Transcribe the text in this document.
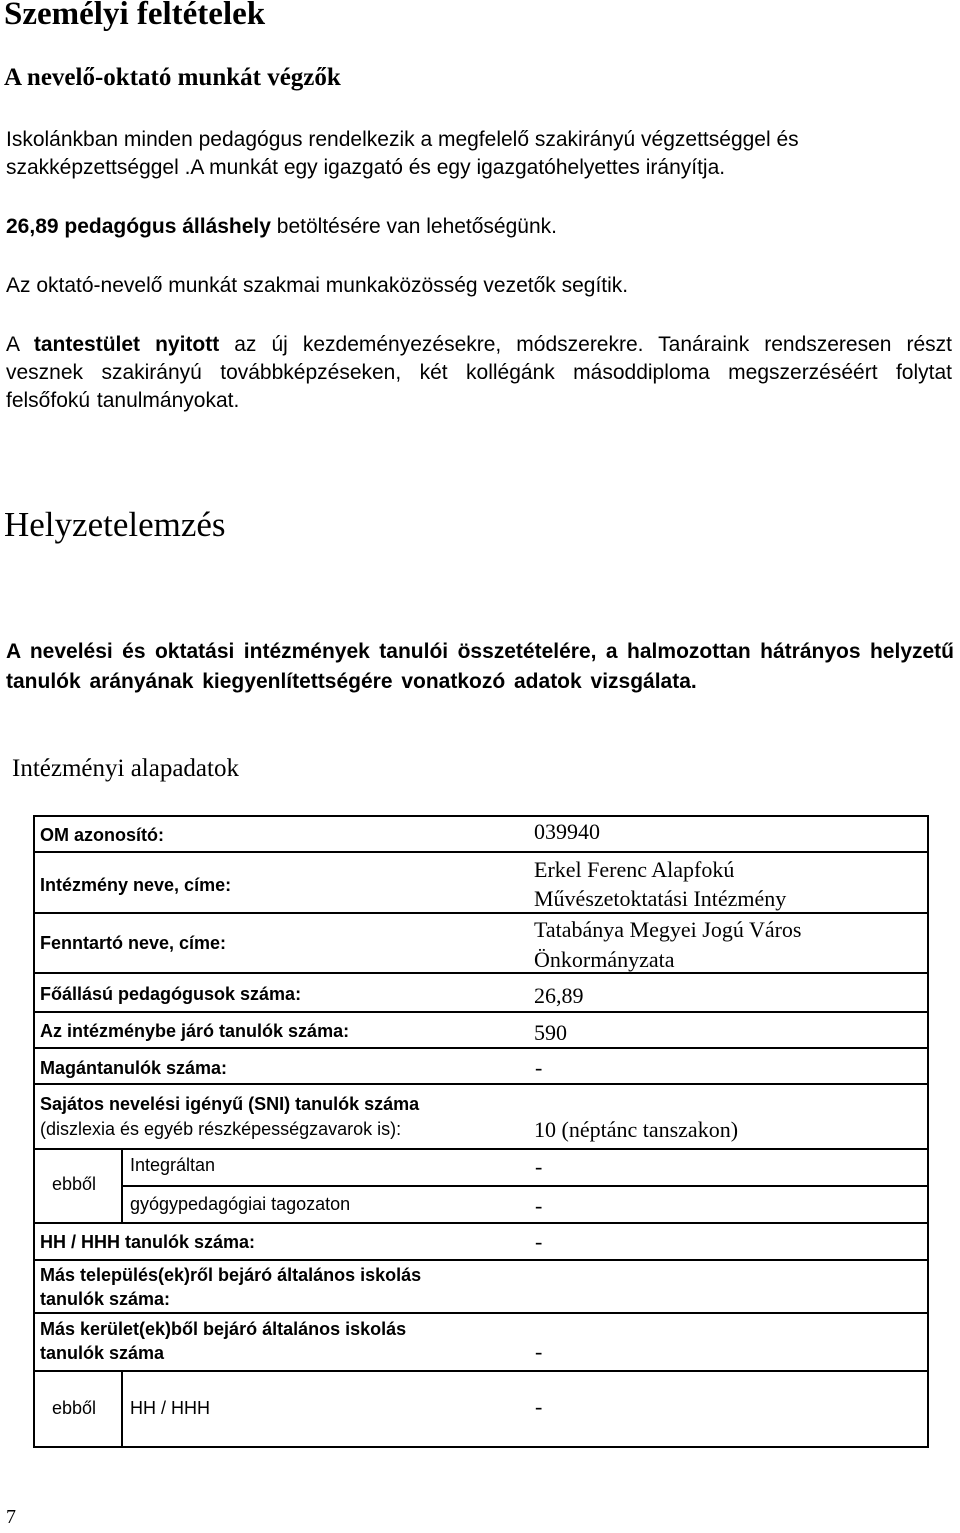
Személyi feltételek
A nevelő-oktató munkát végzők
Iskolánkban minden pedagógus rendelkezik a megfelelő szakirányú végzettséggel és
szakképzettséggel .A munkát egy igazgató és egy igazgatóhelyettes irányítja.
26,89 pedagógus álláshely betöltésére van lehetőségünk.
Az oktató-nevelő munkát szakmai munkaközösség vezetők segítik.
A tantestület nyitott az új kezdeményezésekre, módszerekre. Tanáraink rendszeresen részt vesznek szakirányú továbbképzéseken, két kollégánk másoddiploma megszerzéséért folytat felsőfokú tanulmányokat.
Helyzetelemzés
A nevelési és oktatási intézmények tanulói összetételére, a halmozottan hátrányos helyzetű tanulók arányának kiegyenlítettségére vonatkozó adatok vizsgálata.
Intézményi alapadatok
OM azonosító:	039940
Intézmény neve, címe:
Erkel Ferenc Alapfokú
Művészetoktatási Intézmény
Fenntartó neve, címe:
Tatabánya Megyei Jogú Város
Önkormányzata
Főállású pedagógusok száma:	26,89
Az intézménybe járó tanulók száma:	590
Magántanulók száma:	-
Sajátos nevelési igényű (SNI) tanulók száma
(diszlexia és egyéb részképességzavarok is):	10 (néptánc tanszakon)
ebből
Integráltan	-
gyógypedagógiai tagozaton	-
HH / HHH tanulók száma:	-
Más település(ek)ről bejáró általános iskolás
tanulók száma:
Más kerület(ek)ből bejáró általános iskolás
tanulók száma	-
ebből HH / HHH	-
7
